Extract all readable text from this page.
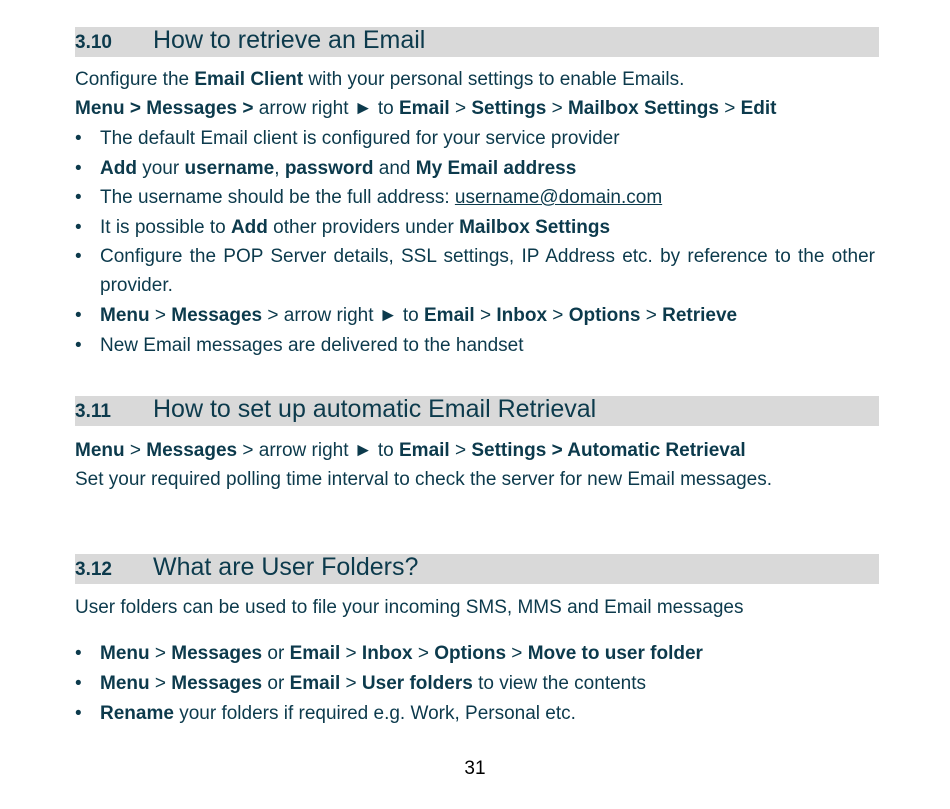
3.10 How to retrieve an Email
Configure the Email Client with your personal settings to enable Emails.
Menu > Messages > arrow right ► to Email > Settings > Mailbox Settings > Edit
• The default Email client is configured for your service provider
• Add your username, password and My Email address
• The username should be the full address: username@domain.com
• It is possible to Add other providers under Mailbox Settings
• Configure the POP Server details, SSL settings, IP Address etc. by reference to the other provider.
• Menu > Messages > arrow right ► to Email > Inbox > Options > Retrieve
• New Email messages are delivered to the handset
3.11 How to set up automatic Email Retrieval
Menu > Messages > arrow right ► to Email > Settings > Automatic Retrieval
Set your required polling time interval to check the server for new Email messages.
3.12 What are User Folders?
User folders can be used to file your incoming SMS, MMS and Email messages
• Menu > Messages or Email > Inbox > Options > Move to user folder
• Menu > Messages or Email > User folders to view the contents
• Rename your folders if required e.g. Work, Personal etc.
31
